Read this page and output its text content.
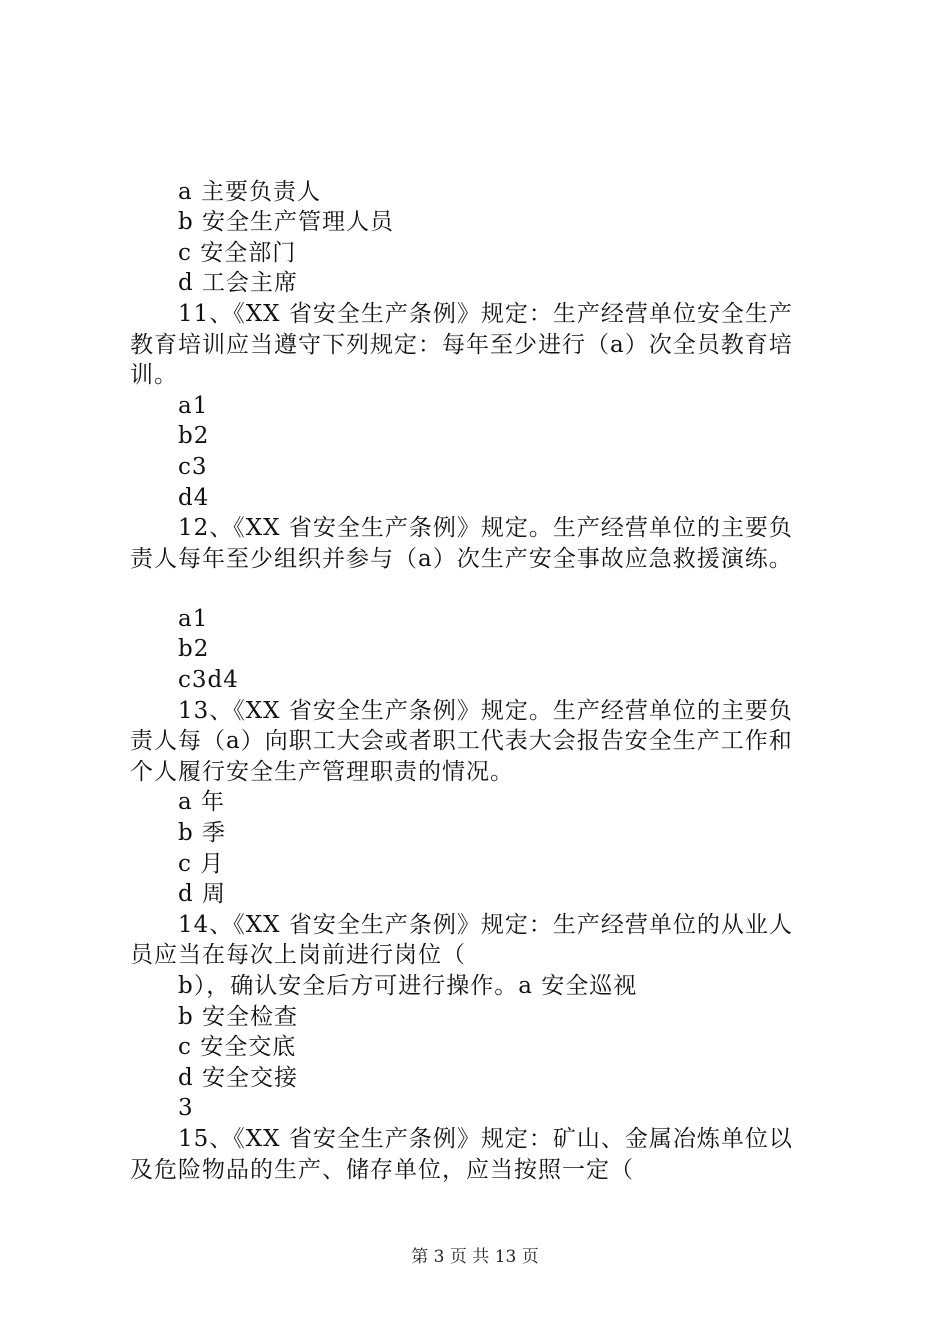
a 主要负责人
b 安全生产管理人员
c 安全部门
d 工会主席
11、《XX 省安全生产条例》规定：生产经营单位安全生产
教育培训应当遵守下列规定：每年至少进行（a）次全员教育培
训。
a1
b2
c3
d4
12、《XX 省安全生产条例》规定。生产经营单位的主要负
责人每年至少组织并参与（a）次生产安全事故应急救援演练。
a1
b2
c3d4
13、《XX 省安全生产条例》规定。生产经营单位的主要负
责人每（a）向职工大会或者职工代表大会报告安全生产工作和
个人履行安全生产管理职责的情况。
a 年
b 季
c 月
d 周
14、《XX 省安全生产条例》规定：生产经营单位的从业人
员应当在每次上岗前进行岗位（
b），确认安全后方可进行操作。a 安全巡视
b 安全检查
c 安全交底
d 安全交接
3
15、《XX 省安全生产条例》规定：矿山、金属冶炼单位以
及危险物品的生产、储存单位，应当按照一定（
第 3 页 共 13 页
